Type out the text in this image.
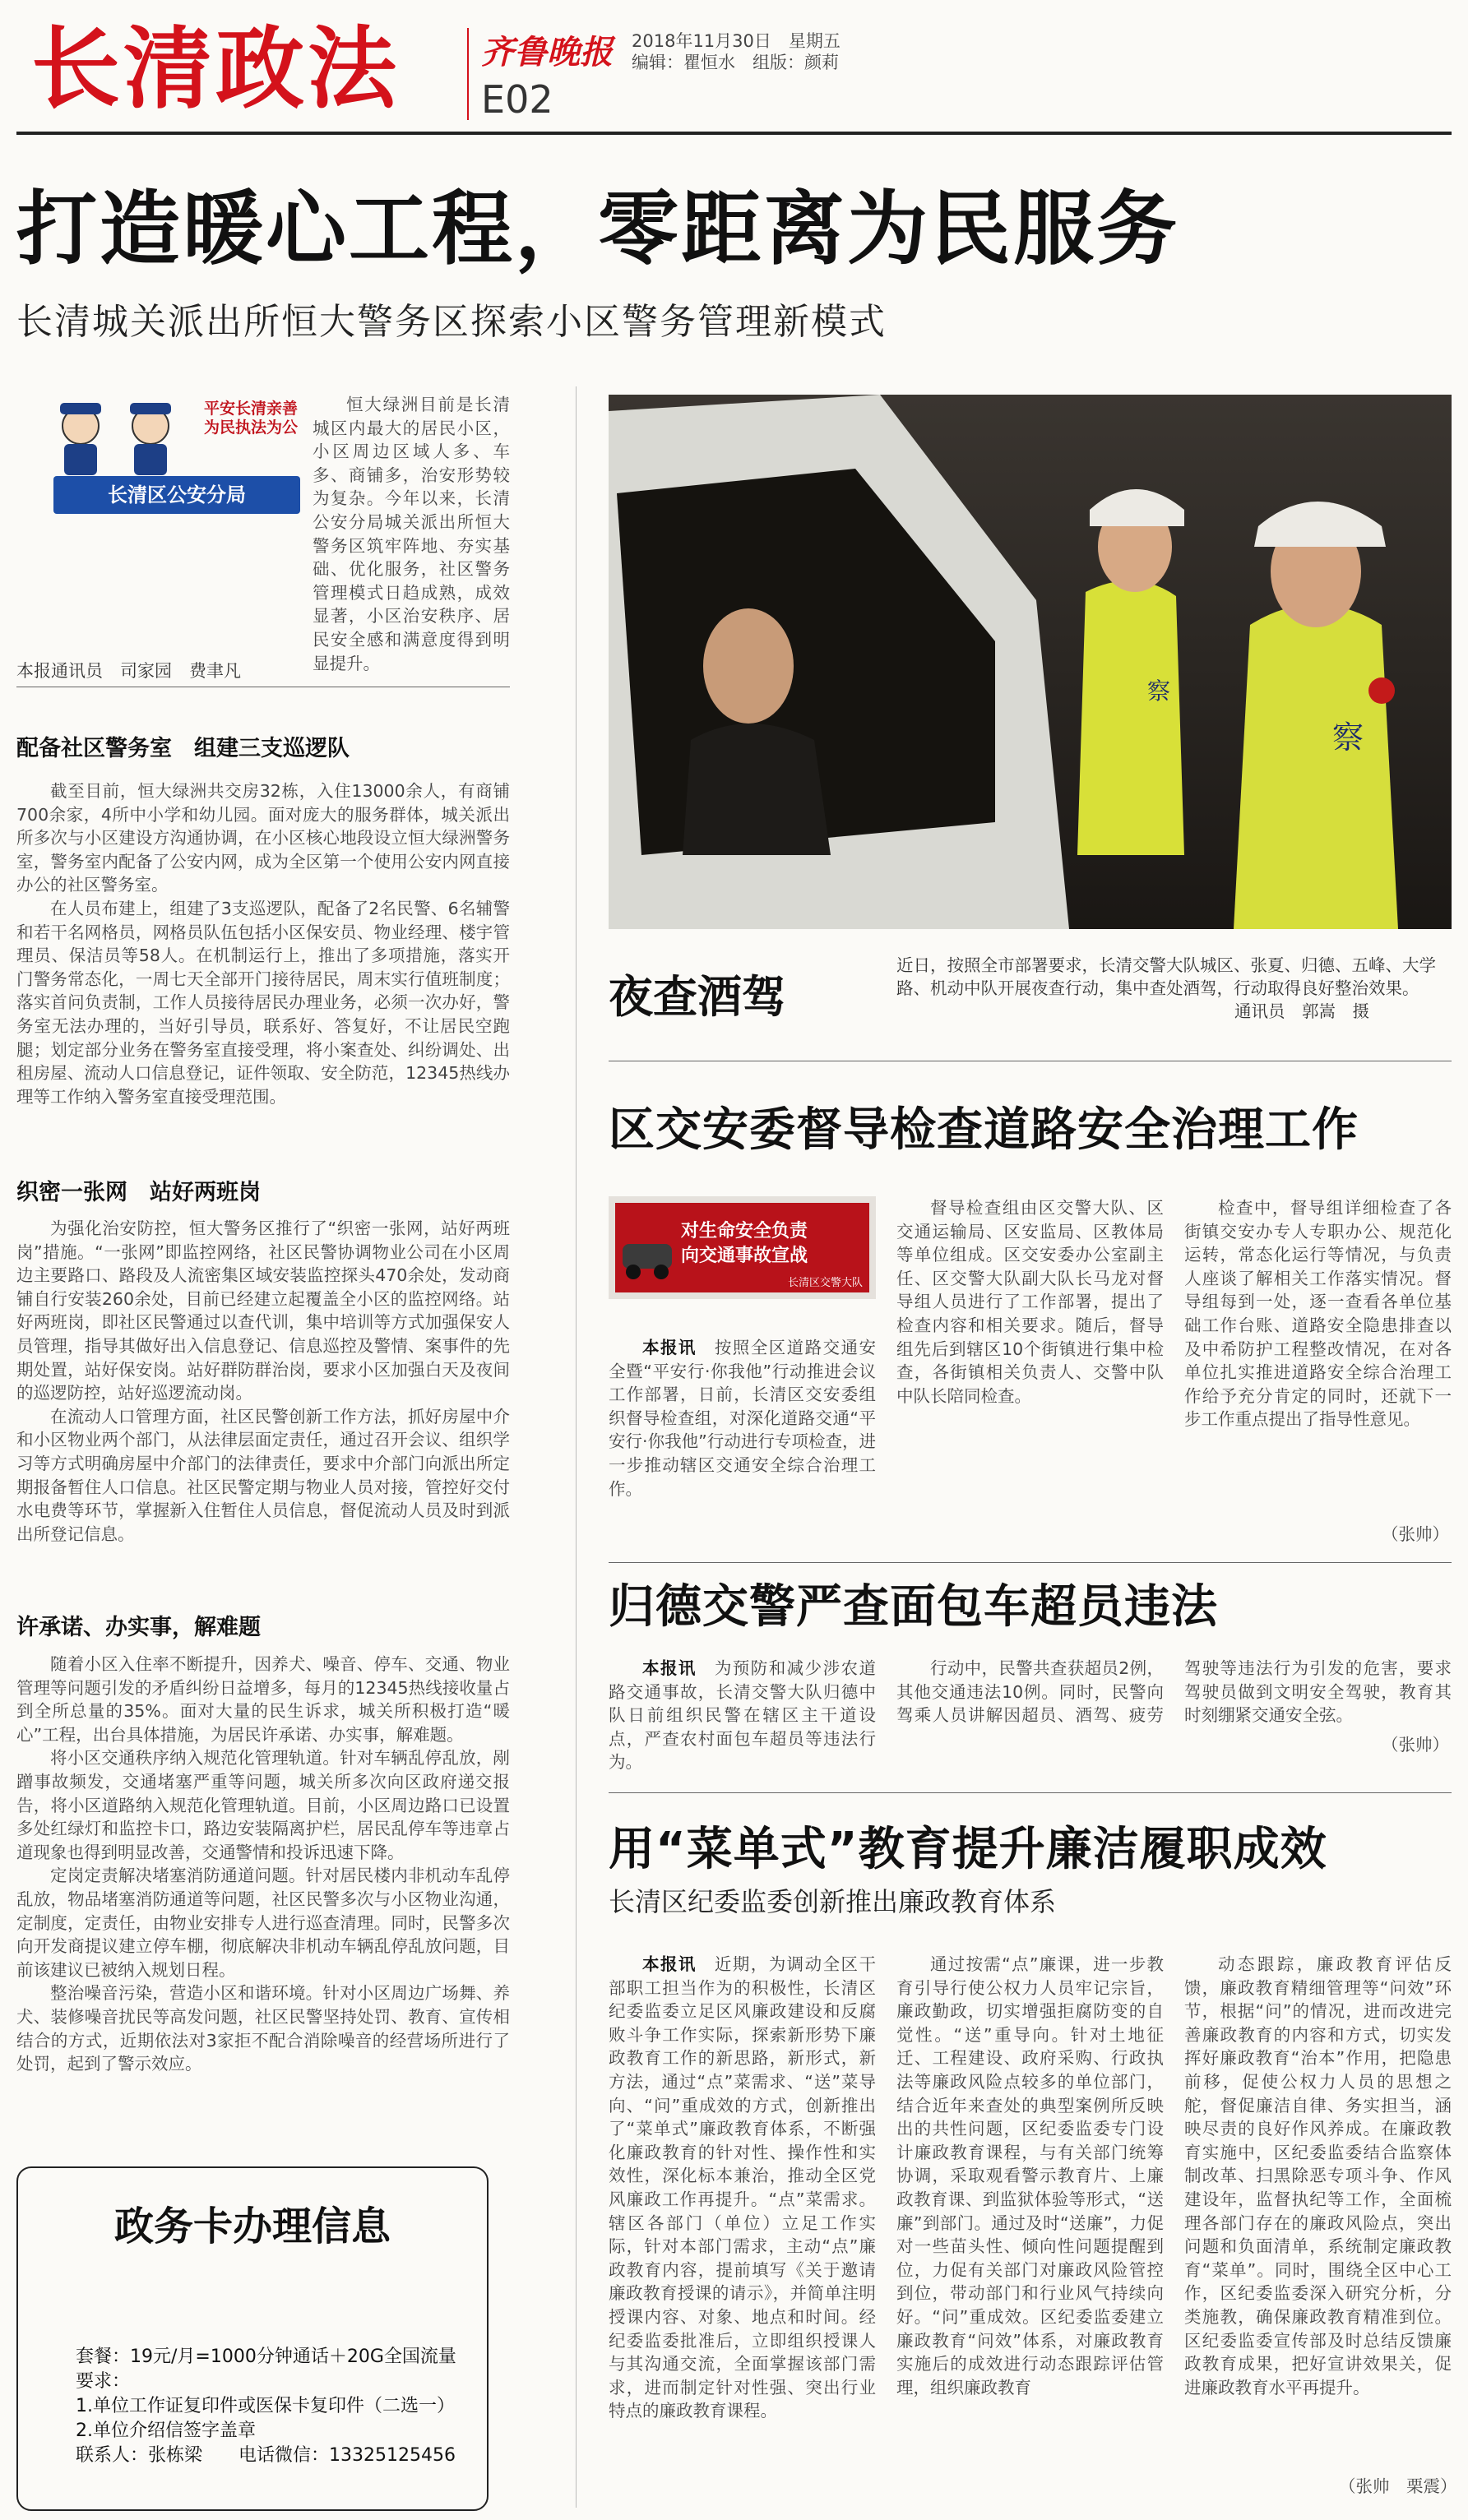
长清政法 齐鲁晚报 2018年11月30日　星期五
编辑：瞿恒水　组版：颜莉
E02
打造暖心工程，零距离为民服务
长清城关派出所恒大警务区探索小区警务管理新模式
平安长清亲善为民执法为公
长清区公安分局

恒大绿洲目前是长清城区内最大的居民小区，小区周边区域人多、车多、商铺多，治安形势较为复杂。今年以来，长清公安分局城关派出所恒大警务区筑牢阵地、夯实基础、优化服务，社区警务管理模式日趋成熟，成效显著，小区治安秩序、居民安全感和满意度得到明显提升。

本报通讯员　司家园　费聿凡
配备社区警务室　组建三支巡逻队

截至目前，恒大绿洲共交房32栋，入住13000余人，有商铺700余家，4所中小学和幼儿园。面对庞大的服务群体，城关派出所多次与小区建设方沟通协调，在小区核心地段设立恒大绿洲警务室，警务室内配备了公安内网，成为全区第一个使用公安内网直接办公的社区警务室。

在人员布建上，组建了3支巡逻队，配备了2名民警、6名辅警和若干名网格员，网格员队伍包括小区保安员、物业经理、楼宇管理员、保洁员等58人。在机制运行上，推出了多项措施，落实开门警务常态化，一周七天全部开门接待居民，周末实行值班制度；落实首问负责制，工作人员接待居民办理业务，必须一次办好，警务室无法办理的，当好引导员，联系好、答复好，不让居民空跑腿；划定部分业务在警务室直接受理，将小案查处、纠纷调处、出租房屋、流动人口信息登记，证件领取、安全防范，12345热线办理等工作纳入警务室直接受理范围。

织密一张网　站好两班岗

为强化治安防控，恒大警务区推行了“织密一张网，站好两班岗”措施。“一张网”即监控网络，社区民警协调物业公司在小区周边主要路口、路段及人流密集区域安装监控探头470余处，发动商铺自行安装260余处，目前已经建立起覆盖全小区的监控网络。站好两班岗，即社区民警通过以查代训，集中培训等方式加强保安人员管理，指导其做好出入信息登记、信息巡控及警情、案事件的先期处置，站好保安岗。站好群防群治岗，要求小区加强白天及夜间的巡逻防控，站好巡逻流动岗。

在流动人口管理方面，社区民警创新工作方法，抓好房屋中介和小区物业两个部门，从法律层面定责任，通过召开会议、组织学习等方式明确房屋中介部门的法律责任，要求中介部门向派出所定期报备暂住人口信息。社区民警定期与物业人员对接，管控好交付水电费等环节，掌握新入住暂住人员信息，督促流动人员及时到派出所登记信息。

许承诺、办实事，解难题

随着小区入住率不断提升，因养犬、噪音、停车、交通、物业管理等问题引发的矛盾纠纷日益增多，每月的12345热线接收量占到全所总量的35%。面对大量的民生诉求，城关所积极打造“暖心”工程，出台具体措施，为居民许承诺、办实事，解难题。

将小区交通秩序纳入规范化管理轨道。针对车辆乱停乱放，剐蹭事故频发，交通堵塞严重等问题，城关所多次向区政府递交报告，将小区道路纳入规范化管理轨道。目前，小区周边路口已设置多处红绿灯和监控卡口，路边安装隔离护栏，居民乱停车等违章占道现象也得到明显改善，交通警情和投诉迅速下降。

定岗定责解决堵塞消防通道问题。针对居民楼内非机动车乱停乱放，物品堵塞消防通道等问题，社区民警多次与小区物业沟通，定制度，定责任，由物业安排专人进行巡查清理。同时，民警多次向开发商提议建立停车棚，彻底解决非机动车辆乱停乱放问题，目前该建议已被纳入规划日程。

整治噪音污染，营造小区和谐环境。针对小区周边广场舞、养犬、装修噪音扰民等高发问题，社区民警坚持处罚、教育、宣传相结合的方式，近期依法对3家拒不配合消除噪音的经营场所进行了处罚，起到了警示效应。

察
察
夜查酒驾
近日，按照全市部署要求，长清交警大队城区、张夏、归德、五峰、大学路、机动中队开展夜查行动，集中查处酒驾，行动取得良好整治效果。
通讯员　郭嵩　摄
区交安委督导检查道路安全治理工作
对生命安全负责
向交通事故宣战
长清区交警大队

本报讯　 按照全区道路交通安全暨“平安行·你我他”行动推进会议工作部署，日前，长清区交安委组织督导检查组，对深化道路交通“平安行·你我他”行动进行专项检查，进一步推动辖区交通安全综合治理工作。

督导检查组由区交警大队、区交通运输局、区安监局、区教体局等单位组成。区交安委办公室副主任、区交警大队副大队长马龙对督导组人员进行了工作部署，提出了检查内容和相关要求。随后，督导组先后到辖区10个街镇进行集中检查，各街镇相关负责人、交警中队中队长陪同检查。

检查中，督导组详细检查了各街镇交安办专人专职办公、规范化运转，常态化运行等情况，与负责人座谈了解相关工作落实情况。督导组每到一处，逐一查看各单位基础工作台账、道路安全隐患排查以及中希防护工程整改情况，在对各单位扎实推进道路安全综合治理工作给予充分肯定的同时，还就下一步工作重点提出了指导性意见。

（张帅）
归德交警严查面包车超员违法

本报讯　 为预防和减少涉农道路交通事故，长清交警大队归德中队日前组织民警在辖区主干道设点，严查农村面包车超员等违法行为。

行动中，民警共查获超员2例，其他交通违法10例。同时，民警向驾乘人员讲解因超员、酒驾、疲劳驾驶等违法行为引发的危害，要求驾驶员做到文明安全驾驶，教育其时刻绷紧交通安全弦。

（张帅）
用“菜单式”教育提升廉洁履职成效
长清区纪委监委创新推出廉政教育体系

本报讯　 近期，为调动全区干部职工担当作为的积极性，长清区纪委监委立足区风廉政建设和反腐败斗争工作实际，探索新形势下廉政教育工作的新思路，新形式，新方法，通过“点”菜需求、“送”菜导向、“问”重成效的方式，创新推出了“菜单式”廉政教育体系，不断强化廉政教育的针对性、操作性和实效性，深化标本兼治，推动全区党风廉政工作再提升。“点”菜需求。辖区各部门（单位）立足工作实际，针对本部门需求，主动“点”廉政教育内容，提前填写《关于邀请廉政教育授课的请示》，并简单注明授课内容、对象、地点和时间。经纪委监委批准后，立即组织授课人与其沟通交流，全面掌握该部门需求，进而制定针对性强、突出行业特点的廉政教育课程。

通过按需“点”廉课，进一步教育引导行使公权力人员牢记宗旨，廉政勤政，切实增强拒腐防变的自觉性。“送”重导向。针对土地征迁、工程建设、政府采购、行政执法等廉政风险点较多的单位部门，结合近年来查处的典型案例所反映出的共性问题，区纪委监委专门设计廉政教育课程，与有关部门统筹协调，采取观看警示教育片、上廉政教育课、到监狱体验等形式，“送廉”到部门。通过及时“送廉”，力促对一些苗头性、倾向性问题提醒到位，力促有关部门对廉政风险管控到位，带动部门和行业风气持续向好。“问”重成效。区纪委监委建立廉政教育“问效”体系，对廉政教育实施后的成效进行动态跟踪评估管理，组织廉政教育

动态跟踪，廉政教育评估反馈，廉政教育精细管理等“问效”环节，根据“问”的情况，进而改进完善廉政教育的内容和方式，切实发挥好廉政教育“治本”作用，把隐患前移，促使公权力人员的思想之舵，督促廉洁自律、务实担当，涵映尽责的良好作风养成。在廉政教育实施中，区纪委监委结合监察体制改革、扫黑除恶专项斗争、作风建设年，监督执纪等工作，全面梳理各部门存在的廉政风险点，突出问题和负面清单，系统制定廉政教育“菜单”。同时，围绕全区中心工作，区纪委监委深入研究分析，分类施教，确保廉政教育精准到位。区纪委监委宣传部及时总结反馈廉政教育成果，把好宣讲效果关，促进廉政教育水平再提升。

（张帅　栗震）
政务卡办理信息
套餐：19元/月=1000分钟通话＋20G全国流量
要求：
1.单位工作证复印件或医保卡复印件（二选一）
2.单位介绍信签字盖章
联系人：张栋梁　　电话微信：13325125456
